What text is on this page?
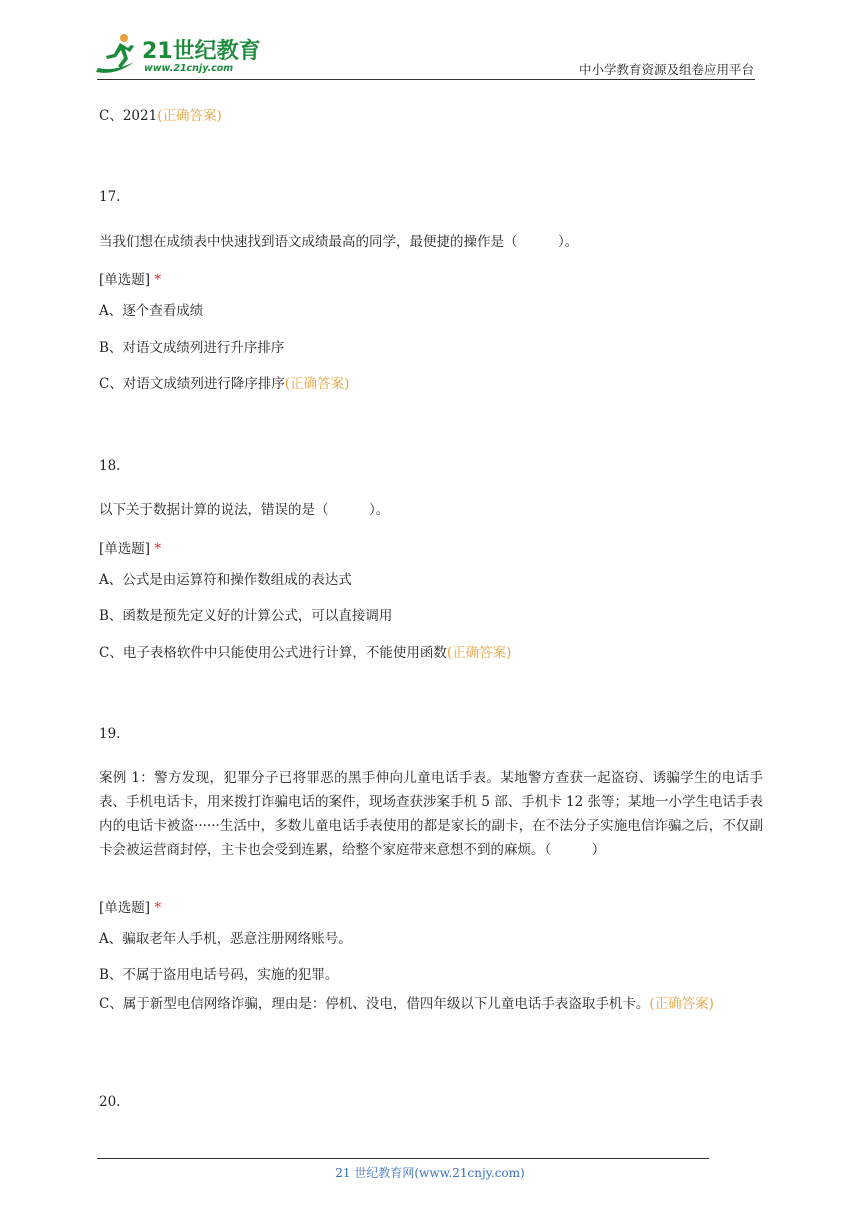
21世纪教育
www.21cnjy.com	中小学教育资源及组卷应用平台
C、2021(正确答案)
17.
当我们想在成绩表中快速找到语文成绩最高的同学，最便捷的操作是（　　　）。
[单选题] *
A、逐个查看成绩
B、对语文成绩列进行升序排序
C、对语文成绩列进行降序排序(正确答案)
18.
以下关于数据计算的说法，错误的是（　　　）。
[单选题] *
A、公式是由运算符和操作数组成的表达式
B、函数是预先定义好的计算公式，可以直接调用
C、电子表格软件中只能使用公式进行计算，不能使用函数(正确答案)
19.
案例 1：警方发现，犯罪分子已将罪恶的黑手伸向儿童电话手表。某地警方查获一起盗窃、诱骗学生的电话手表、手机电话卡，用来拨打诈骗电话的案件，现场查获涉案手机 5 部、手机卡 12 张等；某地一小学生电话手表内的电话卡被盗······生活中，多数儿童电话手表使用的都是家长的副卡，在不法分子实施电信诈骗之后，不仅副卡会被运营商封停，主卡也会受到连累，给整个家庭带来意想不到的麻烦。（　　　）
[单选题] *
A、骗取老年人手机，恶意注册网络账号。
B、不属于盗用电话号码，实施的犯罪。
C、属于新型电信网络诈骗，理由是：停机、没电，借四年级以下儿童电话手表盗取手机卡。(正确答案)
20.
21 世纪教育网(www.21cnjy.com)
